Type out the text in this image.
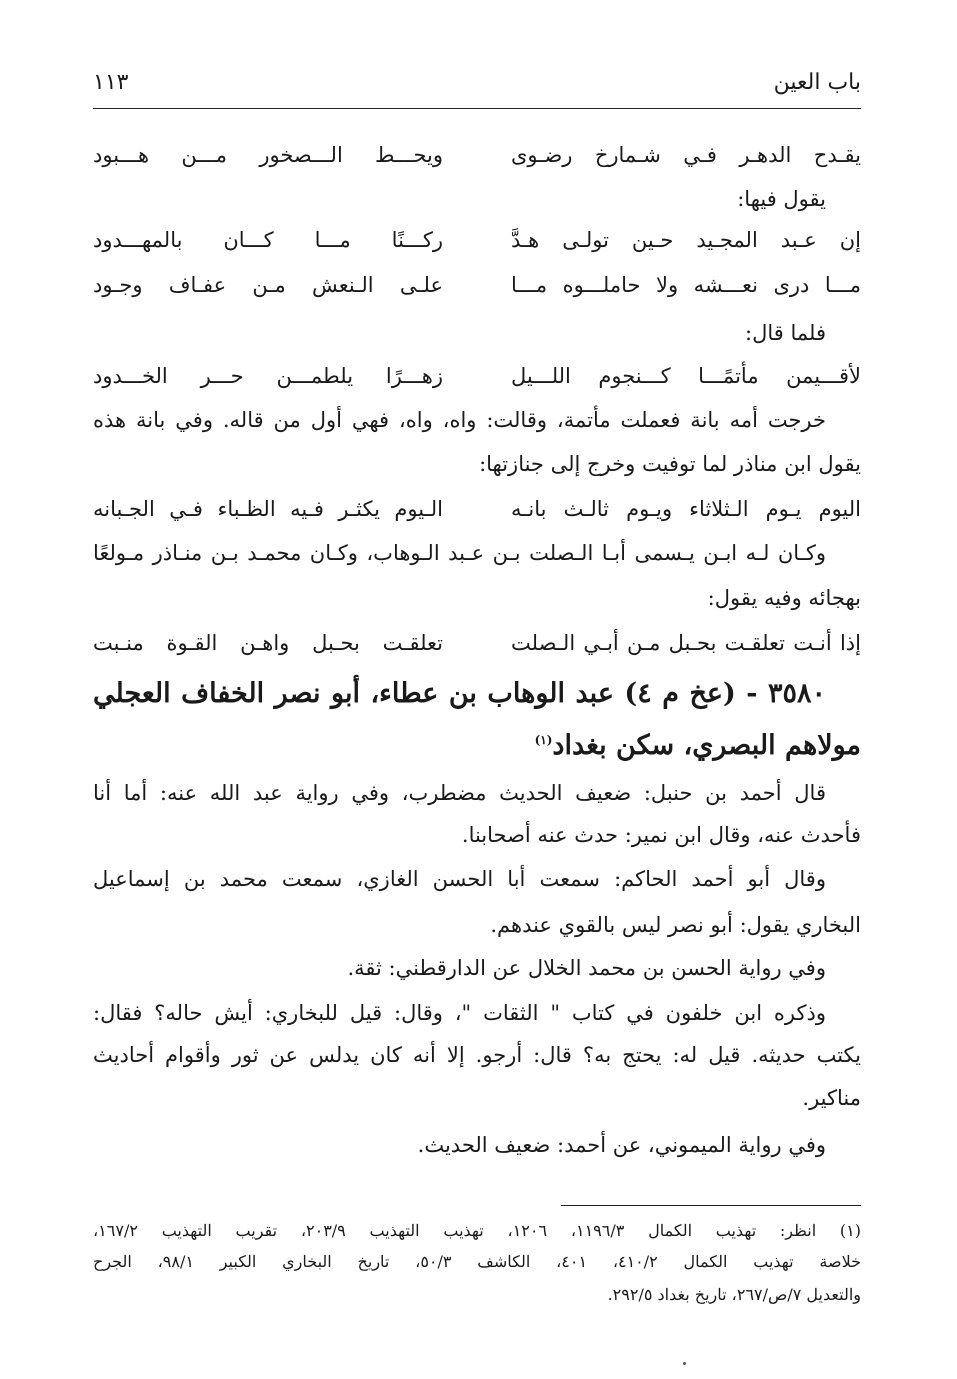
باب العين
١١٣
يقـدح الدهـر فـي شـمارخ رضـوى
ويحـــط الـــصخور مـــن هـــبود
يقول فيها:
إن عـبد المجـيد حـين تولـى هـدَّ
ركـــنًا مـــا كـــان بالمهـــدود
مـــا درى نعـــشه ولا حاملـــوه مـــا
علـى الـنعش مـن عفـاف وجـود
فلما قال:
لأقـــيمن مأتمًـــا كـــنجوم اللـــيل
زهـــرًا يلطمـــن حـــر الخـــدود
خرجت أمه بانة فعملت مأتمة، وقالت: واه، واه، فهي أول من قاله. وفي بانة هذه
يقول ابن مناذر لما توفيت وخرج إلى جنازتها:
اليوم يـوم الـثلاثاء ويـوم ثالـث بانـه
الـيوم يكثـر فـيه الظـباء فـي الجـبانه
وكـان لـه ابـن يـسمى أبـا الـصلت بـن عـبد الـوهاب، وكـان محمـد بـن منـاذر مـولعًا
بهجائه وفيه يقول:
إذا أنـت تعلقـت بحـبل مـن أبـي الـصلت
تعلقـت بحـبل واهـن القـوة منـبت
٣٥٨٠ - (عخ م ٤) عبد الوهاب بن عطاء، أبو نصر الخفاف العجلي
مولاهم البصري، سكن بغداد$^{(١)}$
قال أحمد بن حنبل: ضعيف الحديث مضطرب، وفي رواية عبد الله عنه: أما أنا
فأحدث عنه، وقال ابن نمير: حدث عنه أصحابنا.
وقال أبو أحمد الحاكم: سمعت أبا الحسن الغازي، سمعت محمد بن إسماعيل
البخاري يقول: أبو نصر ليس بالقوي عندهم.
وفي رواية الحسن بن محمد الخلال عن الدارقطني: ثقة.
وذكره ابن خلفون في كتاب " الثقات "، وقال: قيل للبخاري: أيش حاله؟ فقال:
يكتب حديثه. قيل له: يحتج به؟ قال: أرجو. إلا أنه كان يدلس عن ثور وأقوام أحاديث
مناكير.
وفي رواية الميموني، عن أحمد: ضعيف الحديث.
(١) انظر: تهذيب الكمال ١١٩٦/٣، ١٢٠٦، تهذيب التهذيب ٢٠٣/٩، تقريب التهذيب ١٦٧/٢،
خلاصة تهذيب الكمال ٤١٠/٢، ٤٠١، الكاشف ٥٠/٣، تاريخ البخاري الكبير ٩٨/١، الجرح
والتعديل ٧/ص/٢٦٧، تاريخ بغداد ٢٩٢/٥.
